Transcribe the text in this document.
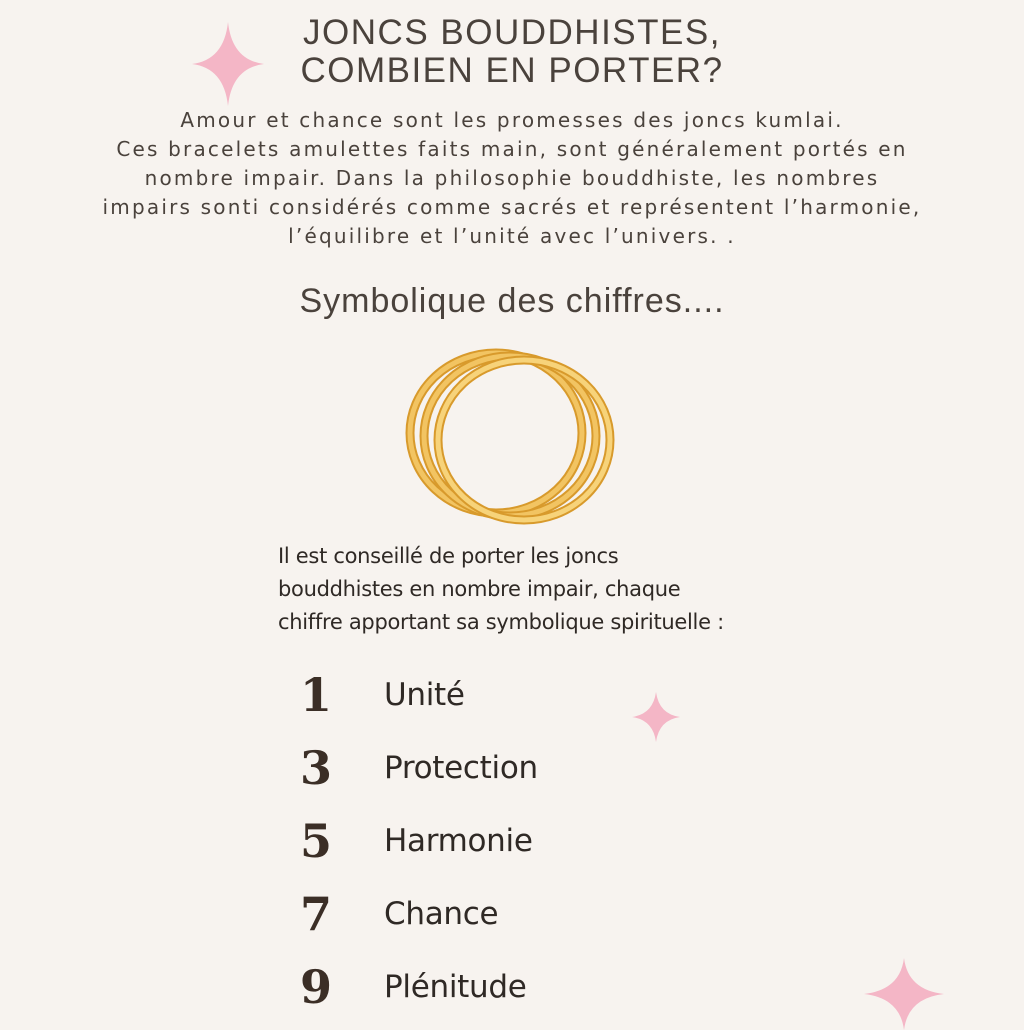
JONCS BOUDDHISTES,
COMBIEN EN PORTER?
Amour et chance sont les promesses des joncs kumlai.
Ces bracelets amulettes faits main, sont généralement portés en
nombre impair. Dans la philosophie bouddhiste, les nombres
impairs sonti considérés comme sacrés et représentent l’harmonie,
l’équilibre et l’unité avec l’univers. .
Symbolique des chiffres....
Il est conseillé de porter les joncs
bouddhistes en nombre impair, chaque
chiffre apportant sa symbolique spirituelle :
1	Unité
3	Protection
5	Harmonie
7	Chance
9	Plénitude
